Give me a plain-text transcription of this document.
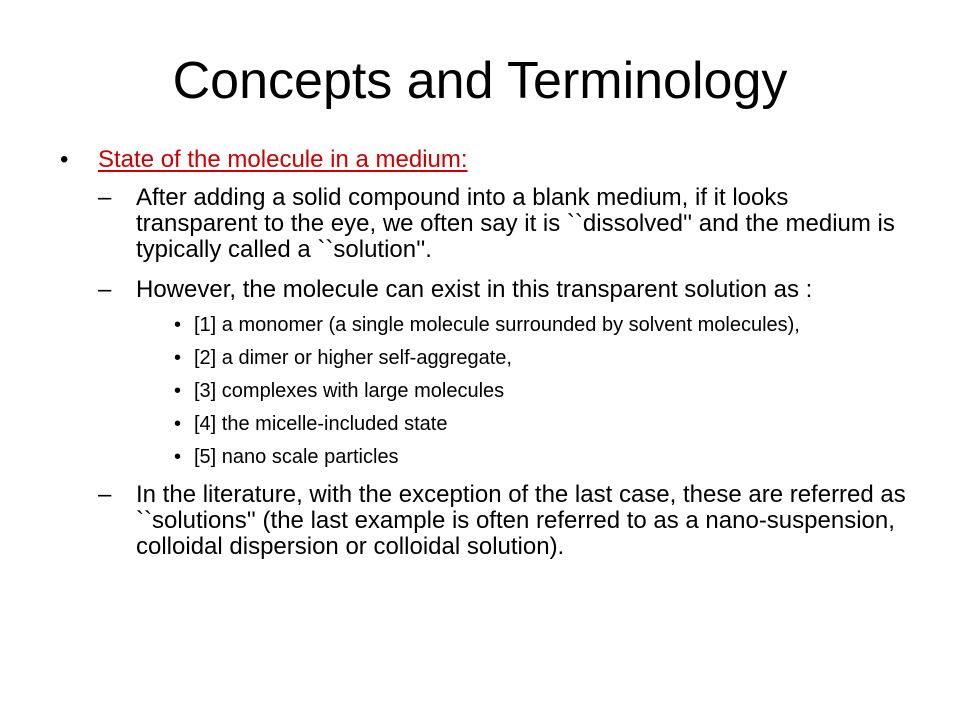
Concepts and Terminology
• State of the molecule in a medium:
– After adding a solid compound into a blank medium, if it looks transparent to the eye, we often say it is ``dissolved'' and the medium is typically called a ``solution''.
– However, the molecule can exist in this transparent solution as :
• [1] a monomer (a single molecule surrounded by solvent molecules),
• [2] a dimer or higher self-aggregate,
• [3] complexes with large molecules
• [4] the micelle-included state
• [5] nano scale particles
– In the literature, with the exception of the last case, these are referred as ``solutions'' (the last example is often referred to as a nano-suspension, colloidal dispersion or colloidal solution).
